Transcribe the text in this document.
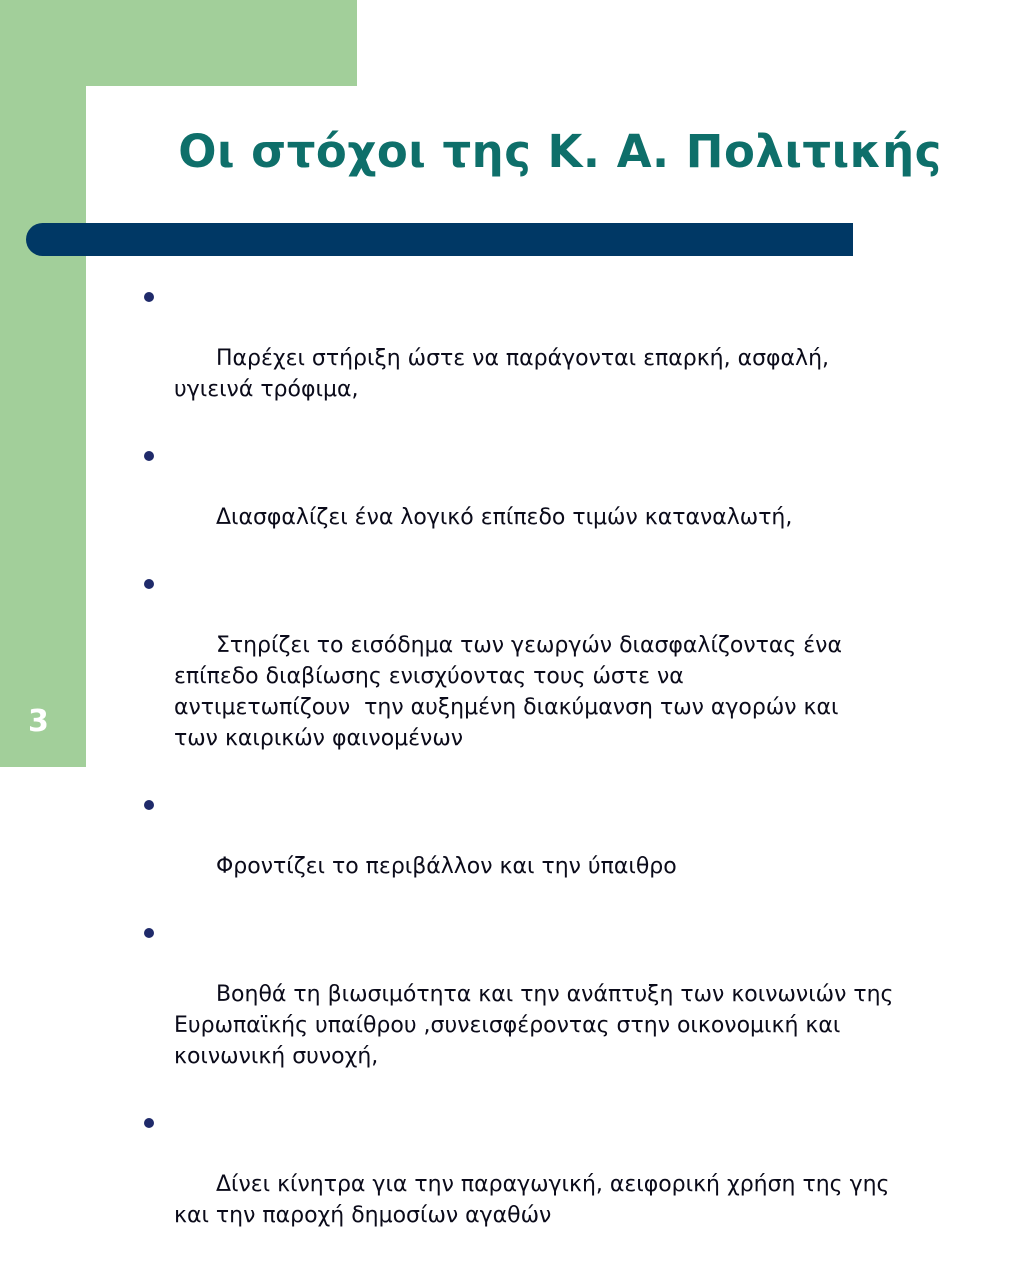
Οι στόχοι της Κ. Α. Πολιτικής

Παρέχει στήριξη ώστε να παράγονται επαρκή, ασφαλή,
υγιεινά τρόφιμα,

Διασφαλίζει ένα λογικό επίπεδο τιμών καταναλωτή,

Στηρίζει το εισόδημα των γεωργών διασφαλίζοντας ένα
επίπεδο διαβίωσης ενισχύοντας τους ώστε να
αντιμετωπίζουν  την αυξημένη διακύμανση των αγορών και
των καιρικών φαινομένων

Φροντίζει το περιβάλλον και την ύπαιθρο

Βοηθά τη βιωσιμότητα και την ανάπτυξη των κοινωνιών της
Ευρωπαϊκής υπαίθρου ,συνεισφέροντας στην οικονομική και
κοινωνική συνοχή,

Δίνει κίνητρα για την παραγωγική, αειφορική χρήση της γης
και την παροχή δημοσίων αγαθών

3
